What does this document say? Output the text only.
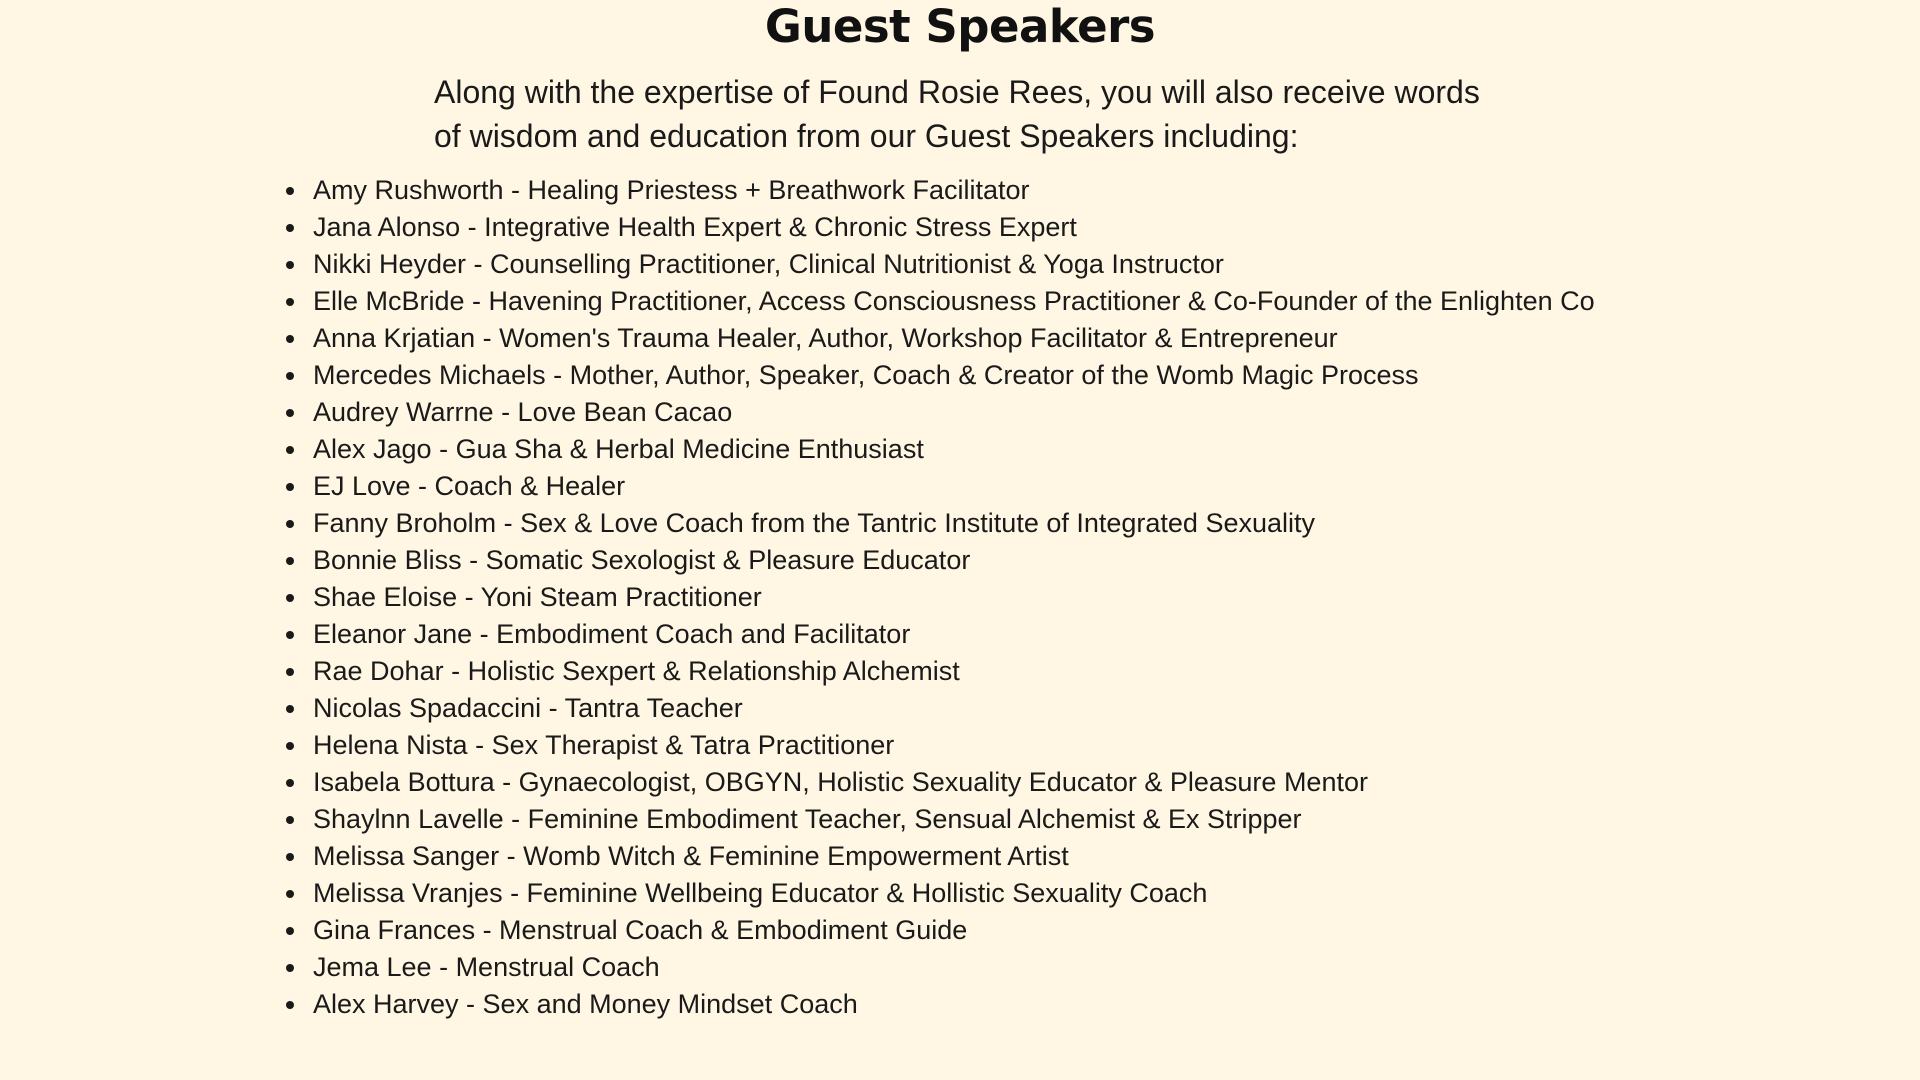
Guest Speakers

Along with the expertise of Found Rosie Rees, you will also receive words
of wisdom and education from our Guest Speakers including:

Amy Rushworth - Healing Priestess + Breathwork Facilitator
Jana Alonso - Integrative Health Expert & Chronic Stress Expert
Nikki Heyder - Counselling Practitioner, Clinical Nutritionist & Yoga Instructor
Elle McBride - Havening Practitioner, Access Consciousness Practitioner & Co-Founder of the Enlighten Co
Anna Krjatian - Women's Trauma Healer, Author, Workshop Facilitator & Entrepreneur
Mercedes Michaels - Mother, Author, Speaker, Coach & Creator of the Womb Magic Process
Audrey Warrne - Love Bean Cacao
Alex Jago - Gua Sha & Herbal Medicine Enthusiast
EJ Love - Coach & Healer
Fanny Broholm - Sex & Love Coach from the Tantric Institute of Integrated Sexuality
Bonnie Bliss - Somatic Sexologist & Pleasure Educator
Shae Eloise - Yoni Steam Practitioner
Eleanor Jane - Embodiment Coach and Facilitator
Rae Dohar - Holistic Sexpert & Relationship Alchemist
Nicolas Spadaccini - Tantra Teacher
Helena Nista - Sex Therapist & Tatra Practitioner
Isabela Bottura - Gynaecologist, OBGYN, Holistic Sexuality Educator & Pleasure Mentor
Shaylnn Lavelle - Feminine Embodiment Teacher, Sensual Alchemist & Ex Stripper
Melissa Sanger - Womb Witch & Feminine Empowerment Artist
Melissa Vranjes - Feminine Wellbeing Educator & Hollistic Sexuality Coach
Gina Frances - Menstrual Coach & Embodiment Guide
Jema Lee - Menstrual Coach
Alex Harvey - Sex and Money Mindset Coach
